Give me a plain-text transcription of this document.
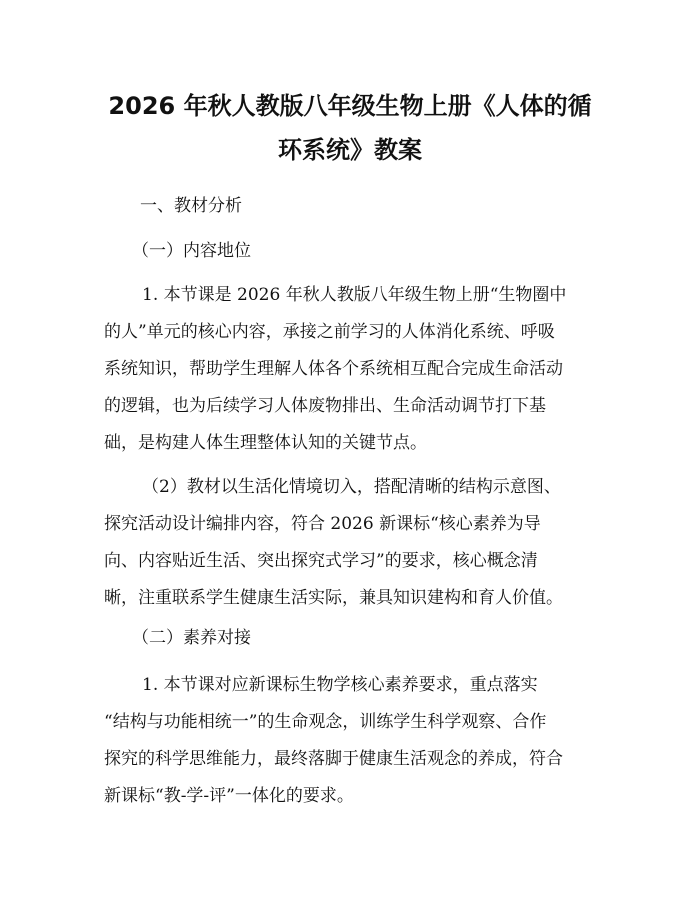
2026 年秋人教版八年级生物上册《人体的循
环系统》教案

一、教材分析

（一）内容地位

1. 本节课是 2026 年秋人教版八年级生物上册“生物圈中
的人”单元的核心内容，承接之前学习的人体消化系统、呼吸
系统知识，帮助学生理解人体各个系统相互配合完成生命活动
的逻辑，也为后续学习人体废物排出、生命活动调节打下基
础，是构建人体生理整体认知的关键节点。
（2）教材以生活化情境切入，搭配清晰的结构示意图、
探究活动设计编排内容，符合 2026 新课标“核心素养为导
向、内容贴近生活、突出探究式学习”的要求，核心概念清
晰，注重联系学生健康生活实际，兼具知识建构和育人价值。

（二）素养对接

1. 本节课对应新课标生物学核心素养要求，重点落实
“结构与功能相统一”的生命观念，训练学生科学观察、合作
探究的科学思维能力，最终落脚于健康生活观念的养成，符合
新课标“教-学-评”一体化的要求。
